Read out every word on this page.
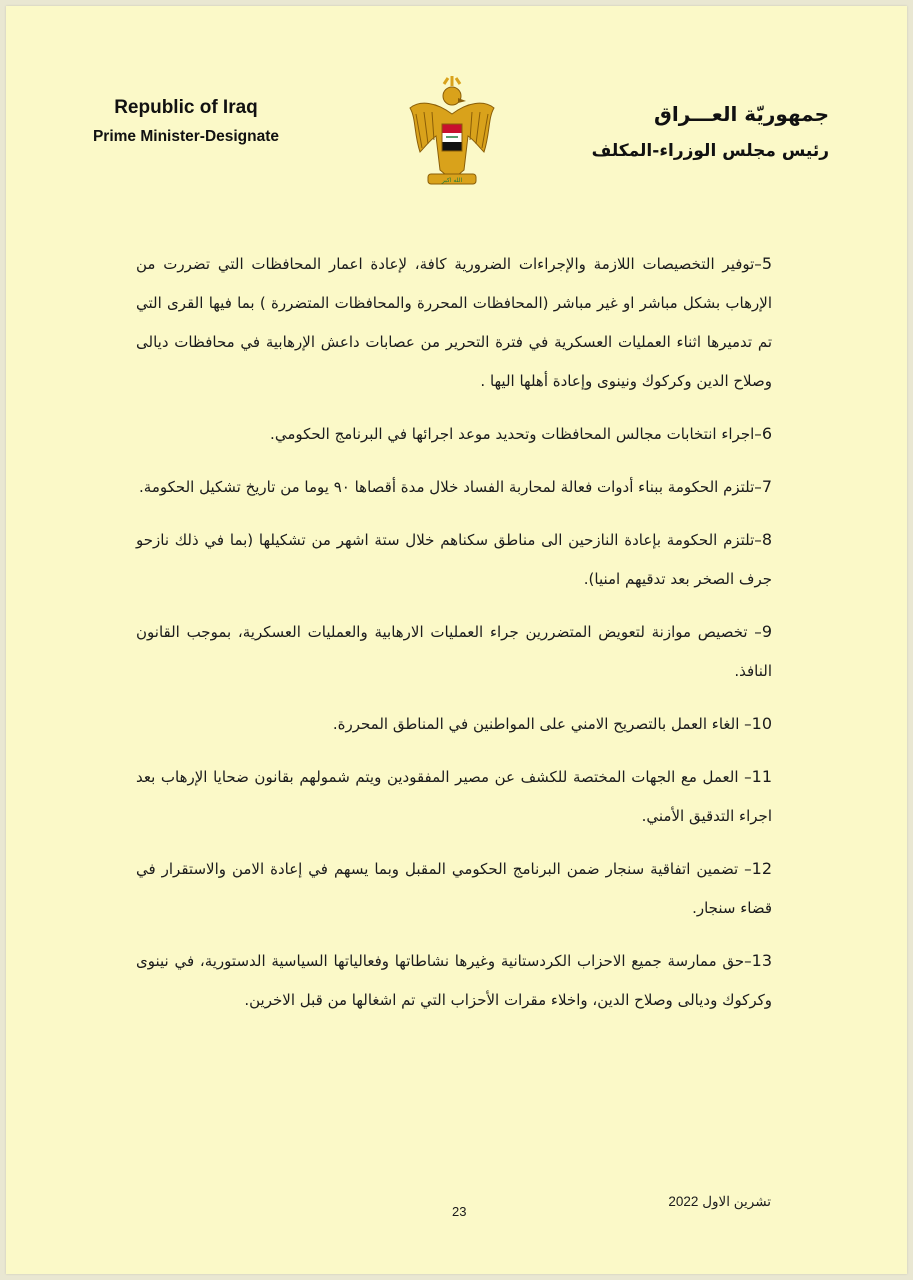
Republic of Iraq
Prime Minister-Designate
الله اكبر
جمهوريّة العـــراق
رئيس مجلس الوزراء-المكلف

5–توفير التخصيصات اللازمة والإجراءات الضرورية كافة، لإعادة اعمار المحافظات التي تضررت من الإرهاب بشكل مباشر او غير مباشر (المحافظات المحررة والمحافظات المتضررة ) بما فيها القرى التي تم تدميرها اثناء العمليات العسكرية في فترة التحرير من عصابات داعش الإرهابية في محافظات ديالى وصلاح الدين وكركوك ونينوى وإعادة أهلها اليها .

6–اجراء انتخابات مجالس المحافظات وتحديد موعد اجرائها في البرنامج الحكومي.

7–تلتزم الحكومة ببناء أدوات فعالة لمحاربة الفساد خلال مدة أقصاها ٩٠ يوما من تاريخ تشكيل الحكومة.

8–تلتزم الحكومة بإعادة النازحين الى مناطق سكناهم خلال ستة اشهر من تشكيلها (بما في ذلك نازحو جرف الصخر بعد تدقيهم امنيا).

9– تخصيص موازنة لتعويض المتضررين جراء العمليات الارهابية والعمليات العسكرية، بموجب القانون النافذ.

10– الغاء العمل بالتصريح الامني على المواطنين في المناطق المحررة.

11– العمل مع الجهات المختصة للكشف عن مصير المفقودين ويتم شمولهم بقانون ضحايا الإرهاب بعد اجراء التدقيق الأمني.

12– تضمين اتفاقية سنجار ضمن البرنامج الحكومي المقبل وبما يسهم في إعادة الامن والاستقرار في قضاء سنجار.

13–حق ممارسة جميع الاحزاب الكردستانية وغيرها نشاطاتها وفعالياتها السياسية الدستورية، في نينوى وكركوك وديالى وصلاح الدين، واخلاء مقرات الأحزاب التي تم اشغالها من قبل الاخرين.

23
تشرين الاول 2022
